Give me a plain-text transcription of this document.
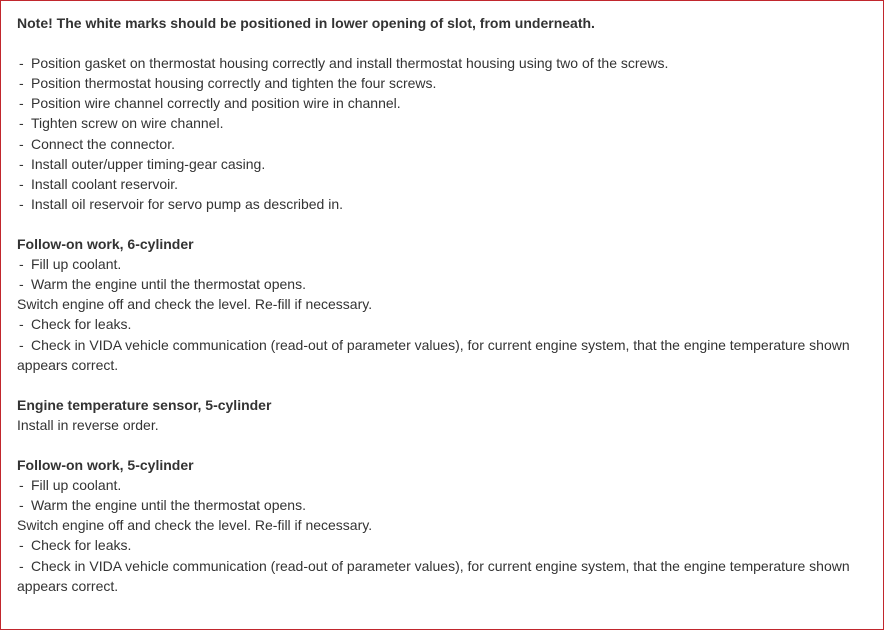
Note! The white marks should be positioned in lower opening of slot, from underneath.
- Position gasket on thermostat housing correctly and install thermostat housing using two of the screws.
- Position thermostat housing correctly and tighten the four screws.
- Position wire channel correctly and position wire in channel.
- Tighten screw on wire channel.
- Connect the connector.
- Install outer/upper timing-gear casing.
- Install coolant reservoir.
- Install oil reservoir for servo pump as described in.
Follow-on work, 6-cylinder
- Fill up coolant.
- Warm the engine until the thermostat opens.
Switch engine off and check the level. Re-fill if necessary.
- Check for leaks.
- Check in VIDA vehicle communication (read-out of parameter values), for current engine system, that the engine temperature shown appears correct.
Engine temperature sensor, 5-cylinder
Install in reverse order.
Follow-on work, 5-cylinder
- Fill up coolant.
- Warm the engine until the thermostat opens.
Switch engine off and check the level. Re-fill if necessary.
- Check for leaks.
- Check in VIDA vehicle communication (read-out of parameter values), for current engine system, that the engine temperature shown appears correct.
